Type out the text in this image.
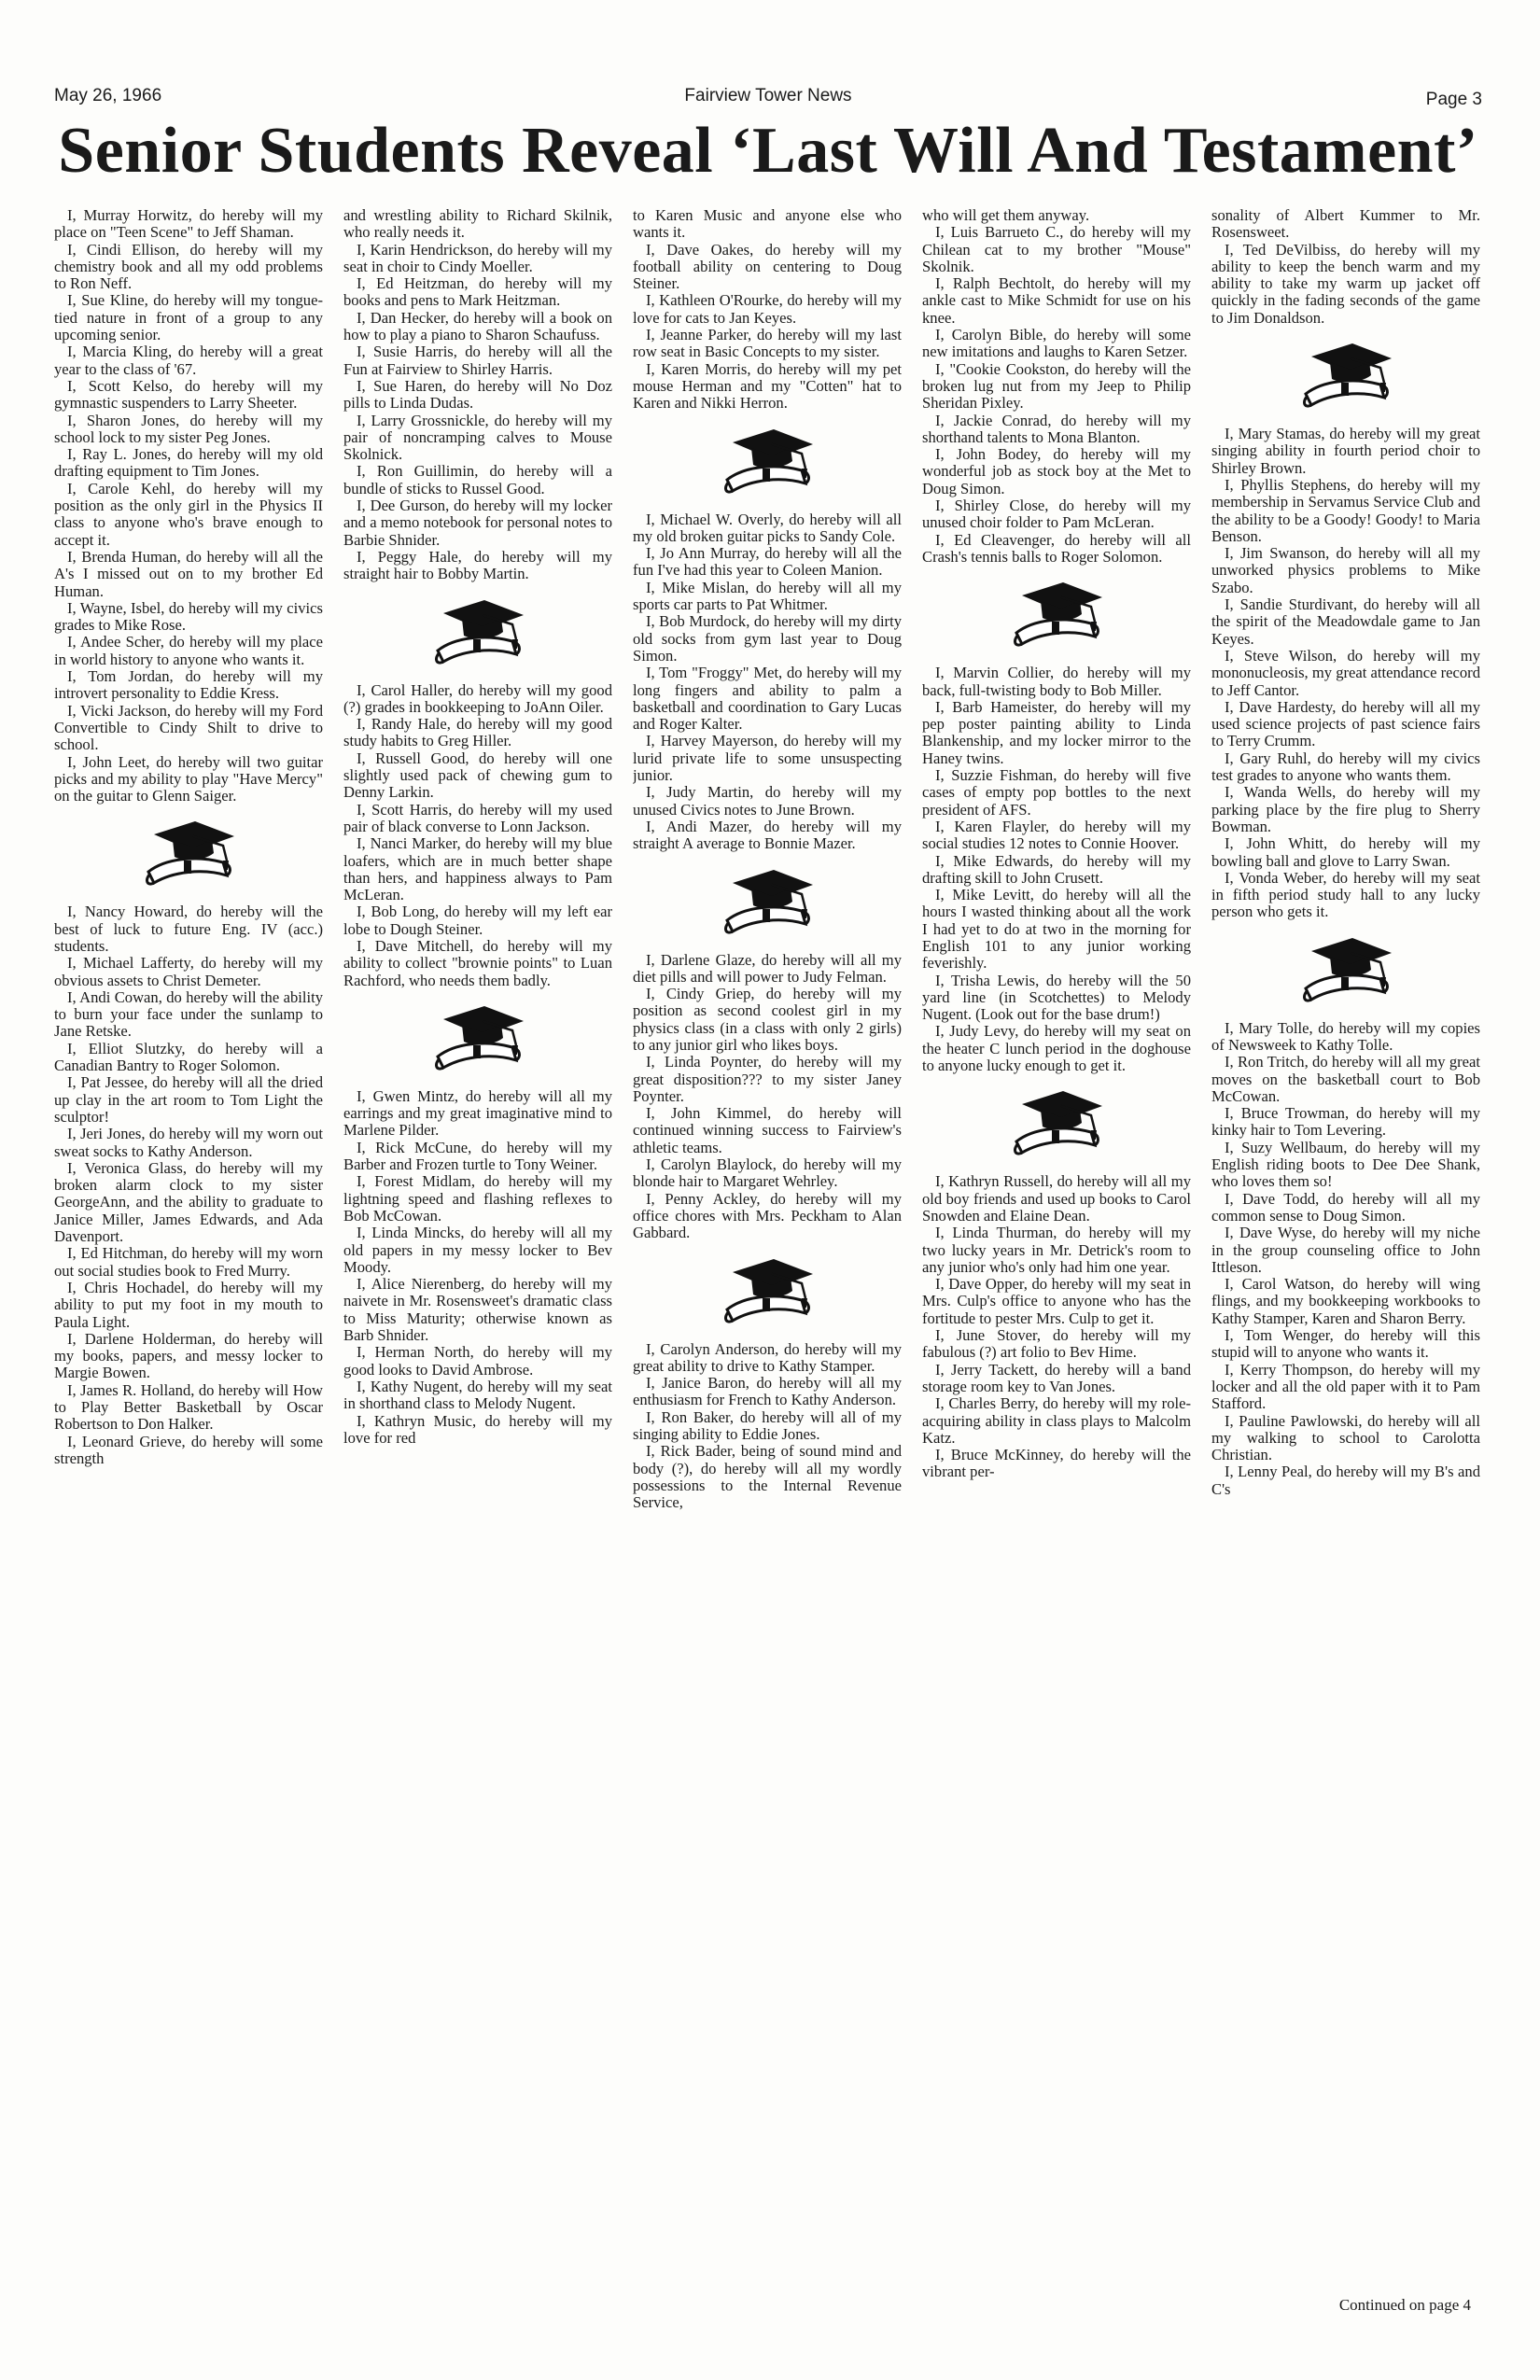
May 26, 1966	Fairview Tower News	Page 3
Senior Students Reveal ‘Last Will And Testament’

I, Murray Horwitz, do hereby will my place on "Teen Scene" to Jeff Shaman.

I, Cindi Ellison, do hereby will my chemistry book and all my odd problems to Ron Neff.

I, Sue Kline, do hereby will my tongue-tied nature in front of a group to any upcoming senior.

I, Marcia Kling, do hereby will a great year to the class of '67.

I, Scott Kelso, do hereby will my gymnastic suspenders to Larry Sheeter.

I, Sharon Jones, do hereby will my school lock to my sister Peg Jones.

I, Ray L. Jones, do hereby will my old drafting equipment to Tim Jones.

I, Carole Kehl, do hereby will my position as the only girl in the Physics II class to anyone who's brave enough to accept it.

I, Brenda Human, do hereby will all the A's I missed out on to my brother Ed Human.

I, Wayne, Isbel, do hereby will my civics grades to Mike Rose.

I, Andee Scher, do hereby will my place in world history to anyone who wants it.

I, Tom Jordan, do hereby will my introvert personality to Eddie Kress.

I, Vicki Jackson, do hereby will my Ford Convertible to Cindy Shilt to drive to school.

I, John Leet, do hereby will two guitar picks and my ability to play "Have Mercy" on the guitar to Glenn Saiger.

I, Nancy Howard, do hereby will the best of luck to future Eng. IV (acc.) students.

I, Michael Lafferty, do hereby will my obvious assets to Christ Demeter.

I, Andi Cowan, do hereby will the ability to burn your face under the sunlamp to Jane Retske.

I, Elliot Slutzky, do hereby will a Canadian Bantry to Roger Solomon.

I, Pat Jessee, do hereby will all the dried up clay in the art room to Tom Light the sculptor!

I, Jeri Jones, do hereby will my worn out sweat socks to Kathy Anderson.

I, Veronica Glass, do hereby will my broken alarm clock to my sister GeorgeAnn, and the ability to graduate to Janice Miller, James Edwards, and Ada Davenport.

I, Ed Hitchman, do hereby will my worn out social studies book to Fred Murry.

I, Chris Hochadel, do hereby will my ability to put my foot in my mouth to Paula Light.

I, Darlene Holderman, do hereby will my books, papers, and messy locker to Margie Bowen.

I, James R. Holland, do hereby will How to Play Better Basketball by Oscar Robertson to Don Halker.

I, Leonard Grieve, do hereby will some strength

and wrestling ability to Richard Skilnik, who really needs it.

I, Karin Hendrickson, do hereby will my seat in choir to Cindy Moeller.

I, Ed Heitzman, do hereby will my books and pens to Mark Heitzman.

I, Dan Hecker, do hereby will a book on how to play a piano to Sharon Schaufuss.

I, Susie Harris, do hereby will all the Fun at Fairview to Shirley Harris.

I, Sue Haren, do hereby will No Doz pills to Linda Dudas.

I, Larry Grossnickle, do hereby will my pair of noncramping calves to Mouse Skolnick.

I, Ron Guillimin, do hereby will a bundle of sticks to Russel Good.

I, Dee Gurson, do hereby will my locker and a memo notebook for personal notes to Barbie Shnider.

I, Peggy Hale, do hereby will my straight hair to Bobby Martin.

I, Carol Haller, do hereby will my good (?) grades in bookkeeping to JoAnn Oiler.

I, Randy Hale, do hereby will my good study habits to Greg Hiller.

I, Russell Good, do hereby will one slightly used pack of chewing gum to Denny Larkin.

I, Scott Harris, do hereby will my used pair of black converse to Lonn Jackson.

I, Nanci Marker, do hereby will my blue loafers, which are in much better shape than hers, and happiness always to Pam McLeran.

I, Bob Long, do hereby will my left ear lobe to Dough Steiner.

I, Dave Mitchell, do hereby will my ability to collect "brownie points" to Luan Rachford, who needs them badly.

I, Gwen Mintz, do hereby will all my earrings and my great imaginative mind to Marlene Pilder.

I, Rick McCune, do hereby will my Barber and Frozen turtle to Tony Weiner.

I, Forest Midlam, do hereby will my lightning speed and flashing reflexes to Bob McCowan.

I, Linda Mincks, do hereby will all my old papers in my messy locker to Bev Moody.

I, Alice Nierenberg, do hereby will my naivete in Mr. Rosensweet's dramatic class to Miss Maturity; otherwise known as Barb Shnider.

I, Herman North, do hereby will my good looks to David Ambrose.

I, Kathy Nugent, do hereby will my seat in shorthand class to Melody Nugent.

I, Kathryn Music, do hereby will my love for red

to Karen Music and anyone else who wants it.

I, Dave Oakes, do hereby will my football ability on centering to Doug Steiner.

I, Kathleen O'Rourke, do hereby will my love for cats to Jan Keyes.

I, Jeanne Parker, do hereby will my last row seat in Basic Concepts to my sister.

I, Karen Morris, do hereby will my pet mouse Herman and my "Cotten" hat to Karen and Nikki Herron.

I, Michael W. Overly, do hereby will all my old broken guitar picks to Sandy Cole.

I, Jo Ann Murray, do hereby will all the fun I've had this year to Coleen Manion.

I, Mike Mislan, do hereby will all my sports car parts to Pat Whitmer.

I, Bob Murdock, do hereby will my dirty old socks from gym last year to Doug Simon.

I, Tom "Froggy" Met, do hereby will my long fingers and ability to palm a basketball and coordination to Gary Lucas and Roger Kalter.

I, Harvey Mayerson, do hereby will my lurid private life to some unsuspecting junior.

I, Judy Martin, do hereby will my unused Civics notes to June Brown.

I, Andi Mazer, do hereby will my straight A average to Bonnie Mazer.

I, Darlene Glaze, do hereby will all my diet pills and will power to Judy Felman.

I, Cindy Griep, do hereby will my position as second coolest girl in my physics class (in a class with only 2 girls) to any junior girl who likes boys.

I, Linda Poynter, do hereby will my great disposition??? to my sister Janey Poynter.

I, John Kimmel, do hereby will continued winning success to Fairview's athletic teams.

I, Carolyn Blaylock, do hereby will my blonde hair to Margaret Wehrley.

I, Penny Ackley, do hereby will my office chores with Mrs. Peckham to Alan Gabbard.

I, Carolyn Anderson, do hereby will my great ability to drive to Kathy Stamper.

I, Janice Baron, do hereby will all my enthusiasm for French to Kathy Anderson.

I, Ron Baker, do hereby will all of my singing ability to Eddie Jones.

I, Rick Bader, being of sound mind and body (?), do hereby will all my wordly possessions to the Internal Revenue Service,

who will get them anyway.

I, Luis Barrueto C., do hereby will my Chilean cat to my brother "Mouse" Skolnik.

I, Ralph Bechtolt, do hereby will my ankle cast to Mike Schmidt for use on his knee.

I, Carolyn Bible, do hereby will some new imitations and laughs to Karen Setzer.

I, "Cookie Cookston, do hereby will the broken lug nut from my Jeep to Philip Sheridan Pixley.

I, Jackie Conrad, do hereby will my shorthand talents to Mona Blanton.

I, John Bodey, do hereby will my wonderful job as stock boy at the Met to Doug Simon.

I, Shirley Close, do hereby will my unused choir folder to Pam McLeran.

I, Ed Cleavenger, do hereby will all Crash's tennis balls to Roger Solomon.

I, Marvin Collier, do hereby will my back, full-twisting body to Bob Miller.

I, Barb Hameister, do hereby will my pep poster painting ability to Linda Blankenship, and my locker mirror to the Haney twins.

I, Suzzie Fishman, do hereby will five cases of empty pop bottles to the next president of AFS.

I, Karen Flayler, do hereby will my social studies 12 notes to Connie Hoover.

I, Mike Edwards, do hereby will my drafting skill to John Crusett.

I, Mike Levitt, do hereby will all the hours I wasted thinking about all the work I had yet to do at two in the morning for English 101 to any junior working feverishly.

I, Trisha Lewis, do hereby will the 50 yard line (in Scotchettes) to Melody Nugent. (Look out for the base drum!)

I, Judy Levy, do hereby will my seat on the heater C lunch period in the doghouse to anyone lucky enough to get it.

I, Kathryn Russell, do hereby will all my old boy friends and used up books to Carol Snowden and Elaine Dean.

I, Linda Thurman, do hereby will my two lucky years in Mr. Detrick's room to any junior who's only had him one year.

I, Dave Opper, do hereby will my seat in Mrs. Culp's office to anyone who has the fortitude to pester Mrs. Culp to get it.

I, June Stover, do hereby will my fabulous (?) art folio to Bev Hime.

I, Jerry Tackett, do hereby will a band storage room key to Van Jones.

I, Charles Berry, do hereby will my role-acquiring ability in class plays to Malcolm Katz.

I, Bruce McKinney, do hereby will the vibrant per-

sonality of Albert Kummer to Mr. Rosensweet.

I, Ted DeVilbiss, do hereby will my ability to keep the bench warm and my ability to take my warm up jacket off quickly in the fading seconds of the game to Jim Donaldson.

I, Mary Stamas, do hereby will my great singing ability in fourth period choir to Shirley Brown.

I, Phyllis Stephens, do hereby will my membership in Servamus Service Club and the ability to be a Goody! Goody! to Maria Benson.

I, Jim Swanson, do hereby will all my unworked physics problems to Mike Szabo.

I, Sandie Sturdivant, do hereby will all the spirit of the Meadowdale game to Jan Keyes.

I, Steve Wilson, do hereby will my mononucleosis, my great attendance record to Jeff Cantor.

I, Dave Hardesty, do hereby will all my used science projects of past science fairs to Terry Crumm.

I, Gary Ruhl, do hereby will my civics test grades to anyone who wants them.

I, Wanda Wells, do hereby will my parking place by the fire plug to Sherry Bowman.

I, John Whitt, do hereby will my bowling ball and glove to Larry Swan.

I, Vonda Weber, do hereby will my seat in fifth period study hall to any lucky person who gets it.

I, Mary Tolle, do hereby will my copies of Newsweek to Kathy Tolle.

I, Ron Tritch, do hereby will all my great moves on the basketball court to Bob McCowan.

I, Bruce Trowman, do hereby will my kinky hair to Tom Levering.

I, Suzy Wellbaum, do hereby will my English riding boots to Dee Dee Shank, who loves them so!

I, Dave Todd, do hereby will all my common sense to Doug Simon.

I, Dave Wyse, do hereby will my niche in the group counseling office to John Ittleson.

I, Carol Watson, do hereby will wing flings, and my bookkeeping workbooks to Kathy Stamper, Karen and Sharon Berry.

I, Tom Wenger, do hereby will this stupid will to anyone who wants it.

I, Kerry Thompson, do hereby will my locker and all the old paper with it to Pam Stafford.

I, Pauline Pawlowski, do hereby will all my walking to school to Carolotta Christian.

I, Lenny Peal, do hereby will my B's and C's

Continued on page 4
